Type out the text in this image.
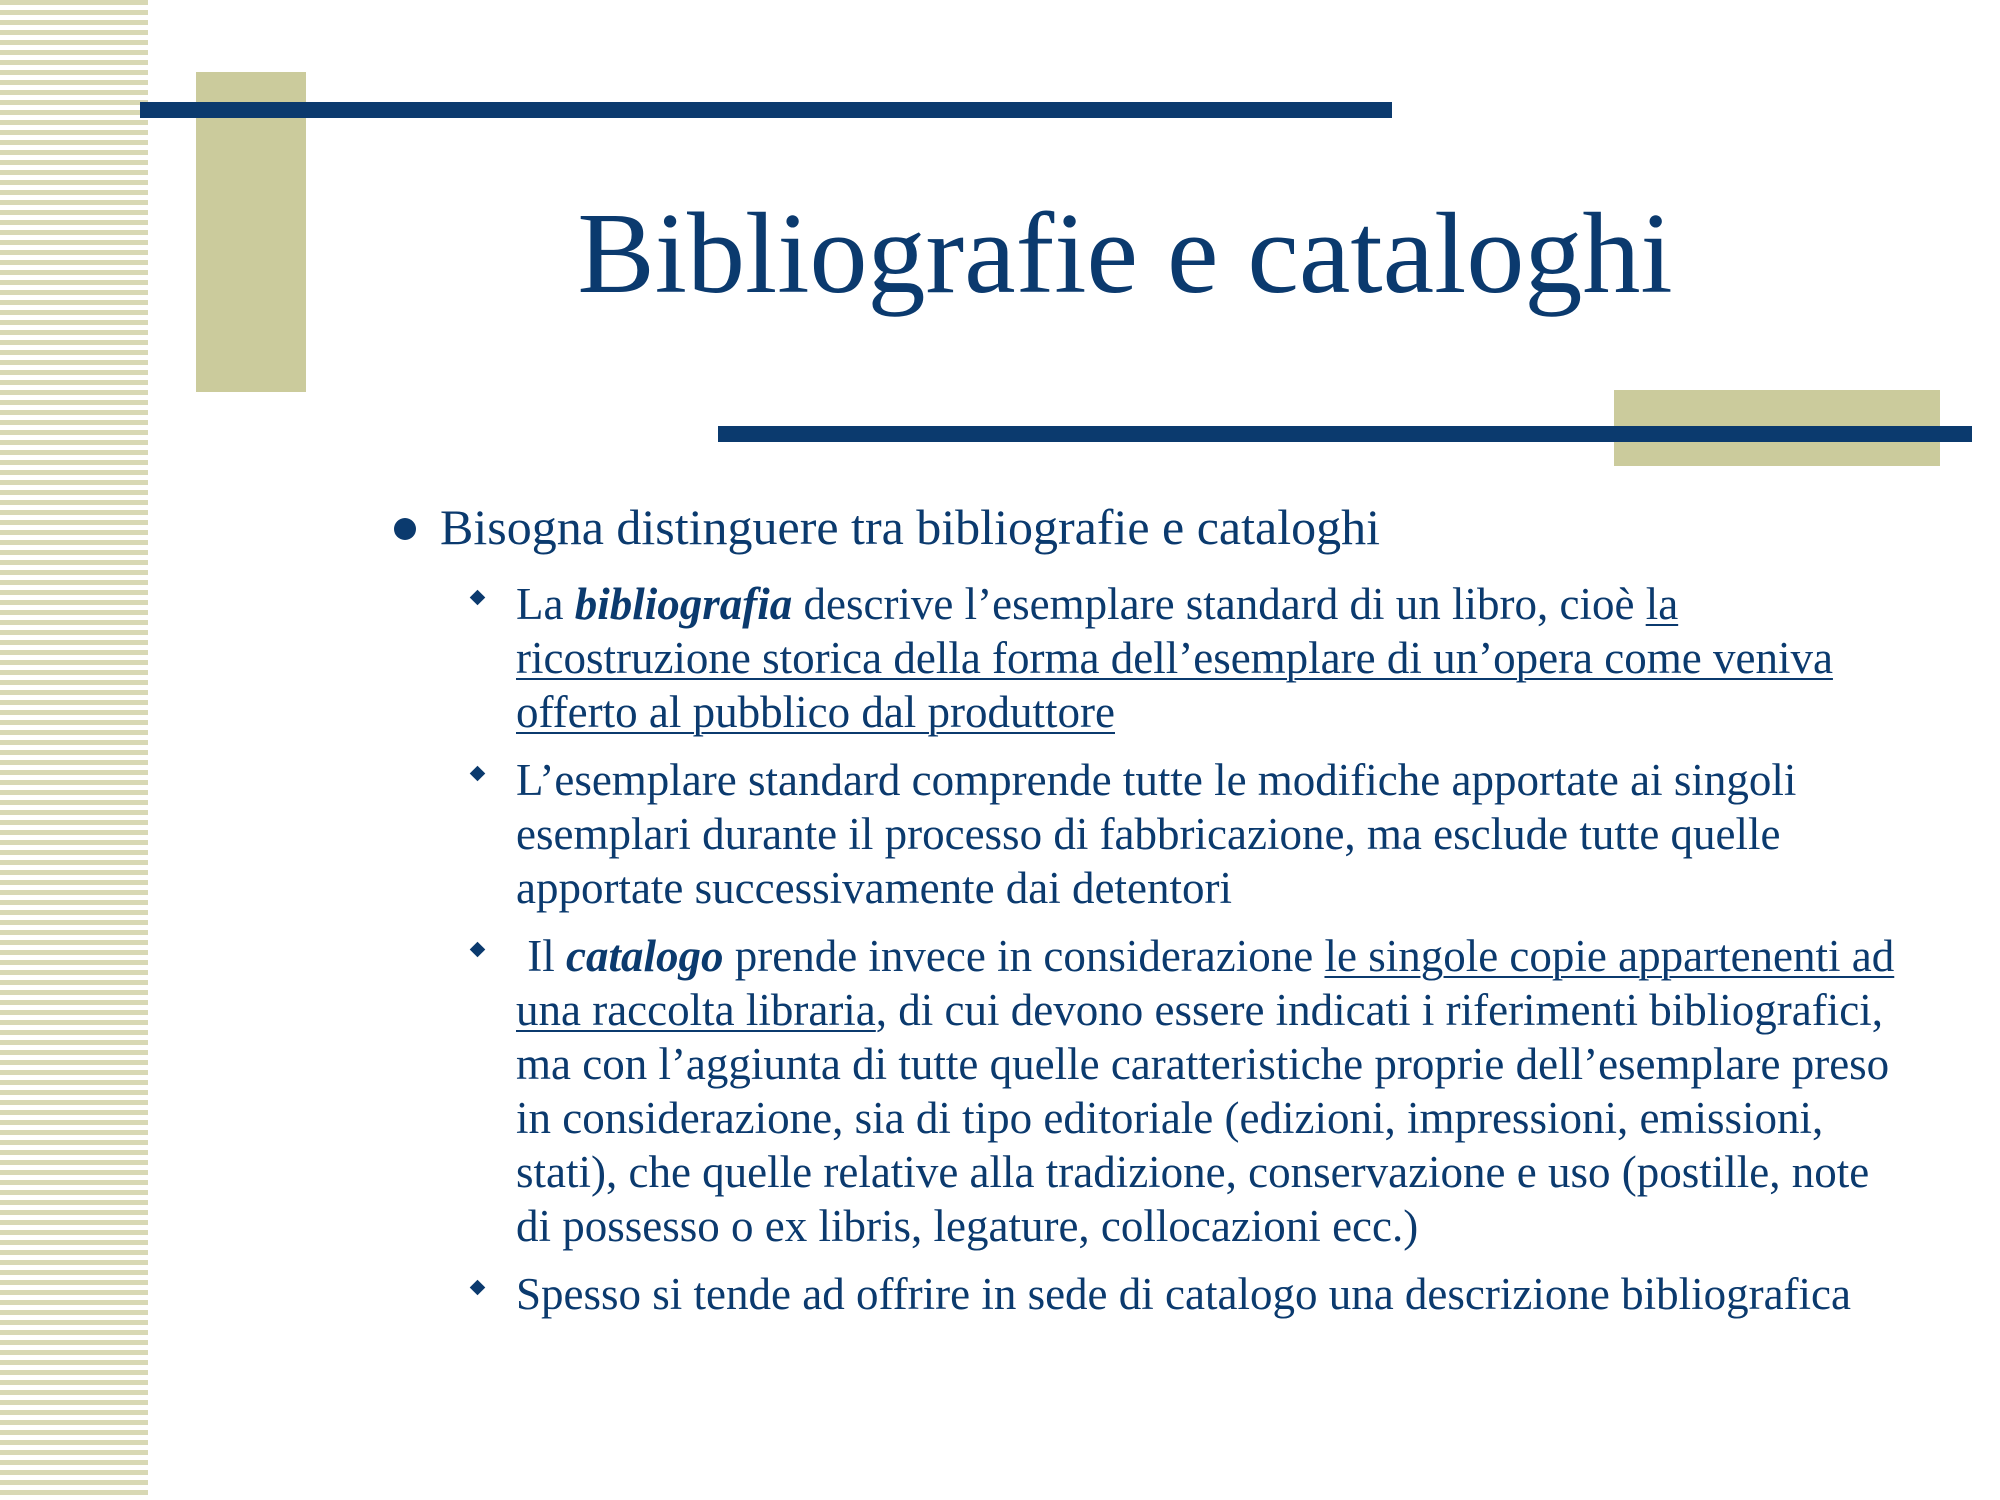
Bibliografie e cataloghi
Bisogna distinguere tra bibliografie e cataloghi
La bibliografia descrive l’esemplare standard di un libro, cioè la ricostruzione storica della forma dell’esemplare di un’opera come veniva offerto al pubblico dal produttore
L’esemplare standard comprende tutte le modifiche apportate ai singoli esemplari durante il processo di fabbricazione, ma esclude tutte quelle apportate successivamente dai detentori
Il catalogo prende invece in considerazione le singole copie appartenenti ad una raccolta libraria, di cui devono essere indicati i riferimenti bibliografici, ma con l’aggiunta di tutte quelle caratteristiche proprie dell’esemplare preso in considerazione, sia di tipo editoriale (edizioni, impressioni, emissioni, stati), che quelle relative alla tradizione, conservazione e uso (postille, note di possesso o ex libris, legature, collocazioni ecc.)
Spesso si tende ad offrire in sede di catalogo una descrizione bibliografica
